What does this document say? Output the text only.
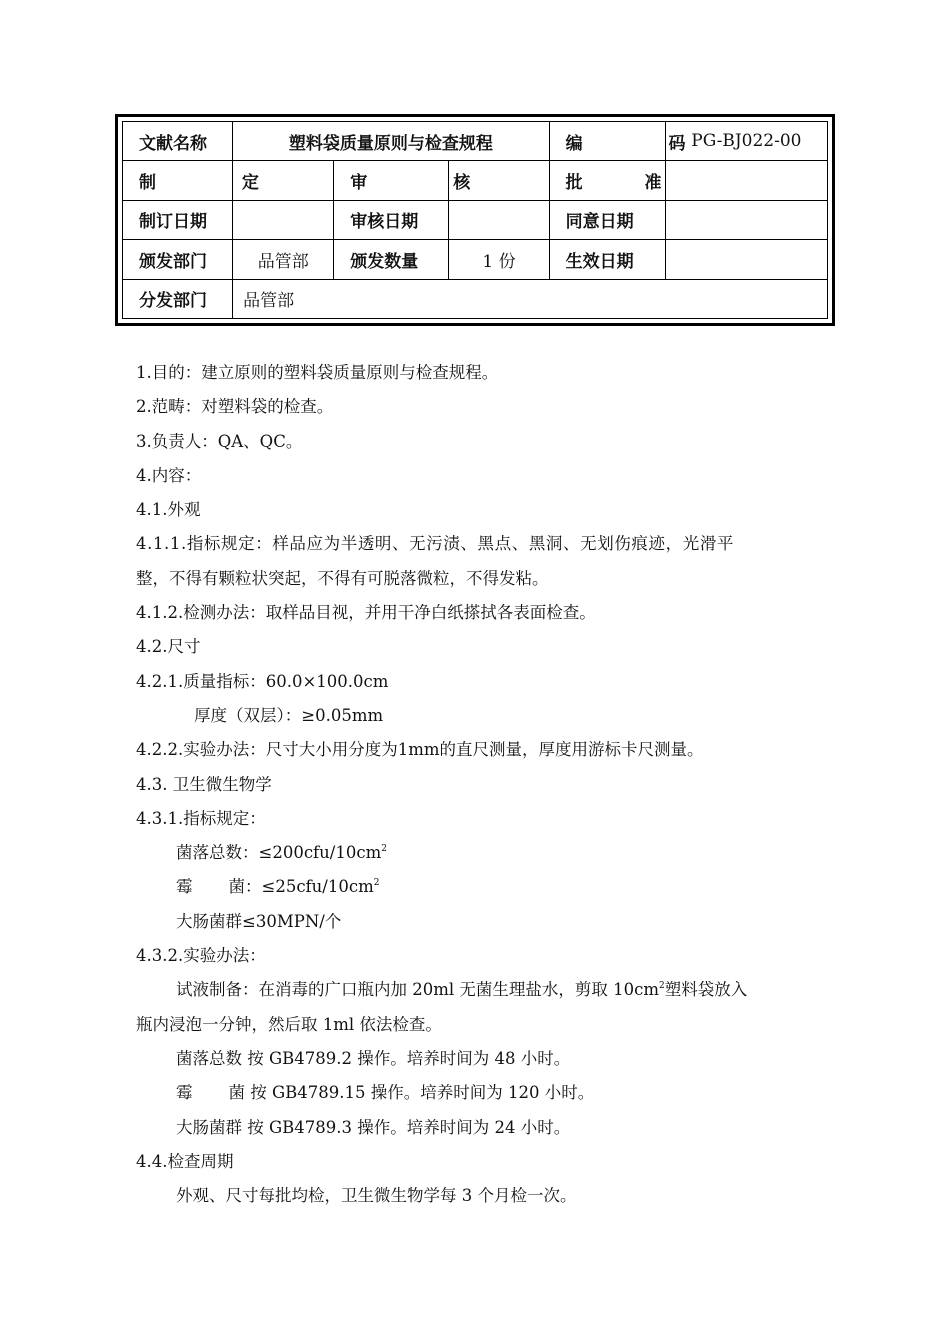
文献名称	塑料袋质量原则与检查规程			编 码	PG-BJ022-00
制 定		审 核		批 准	
制订日期		审核日期		同意日期	
颁发部门	品管部	颁发数量	1 份	生效日期	
分发部门	品管部				
1.目的：建立原则的塑料袋质量原则与检查规程。
2.范畴：对塑料袋的检查。
3.负责人：QA、QC。
4.内容：
4.1.外观
4.1.1.指标规定：样品应为半透明、无污渍、黑点、黑洞、无划伤痕迹，光滑平
整，不得有颗粒状突起，不得有可脱落微粒，不得发粘。
4.1.2.检测办法：取样品目视，并用干净白纸搽拭各表面检查。
4.2.尺寸
4.2.1.质量指标：60.0×100.0cm
厚度（双层）：≥0.05mm
4.2.2.实验办法：尺寸大小用分度为1mm的直尺测量，厚度用游标卡尺测量。
4.3. 卫生微生物学
4.3.1.指标规定：
菌落总数：$\le 200cfu/10cm^2$
霉 菌：$\le 25cfu/10cm^2$
大肠菌群≤30MPN/个
4.3.2.实验办法：
试液制备：在消毒的广口瓶内加 20ml 无菌生理盐水，剪取 $10cm^2$塑料袋放入
瓶内浸泡一分钟，然后取 1ml 依法检查。
菌落总数 按 GB4789.2 操作。培养时间为 48 小时。
霉 菌 按 GB4789.15 操作。培养时间为 120 小时。
大肠菌群 按 GB4789.3 操作。培养时间为 24 小时。
4.4.检查周期
外观、尺寸每批均检，卫生微生物学每 3 个月检一次。
